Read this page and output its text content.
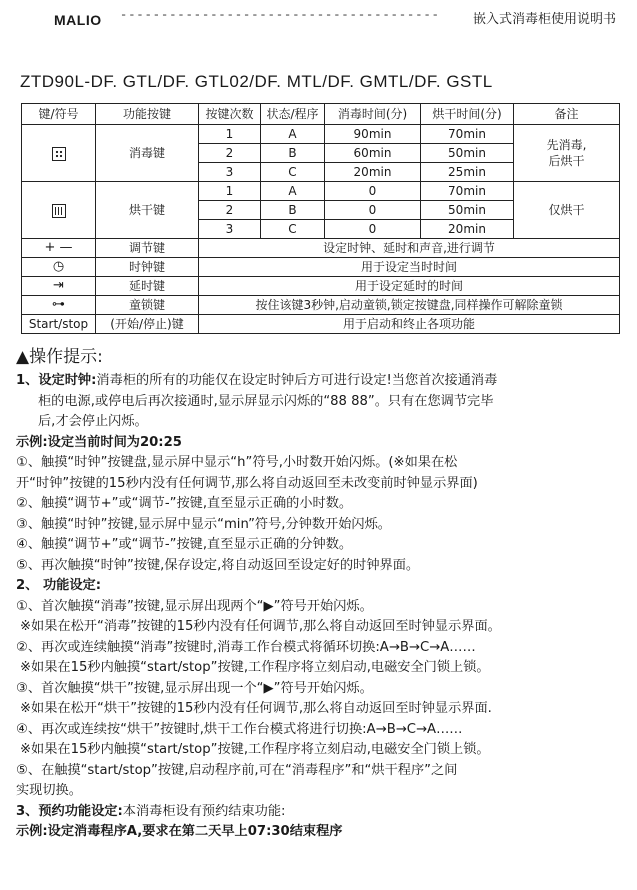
MALIO ---------------------------------------	嵌入式消毒柜使用说明书
ZTD90L-DF. GTL/DF. GTL02/DF. MTL/DF. GMTL/DF. GSTL
键/符号	功能按键	按键次数	状态/程序	消毒时间(分)	烘干时间(分)	备注
	消毒键	1	A	90min	70min	先消毒,
后烘干
		2	B	60min	50min	
		3	C	20min	25min	
	烘干键	1	A	0	70min	仅烘干
		2	B	0	50min	
		3	C	0	20min	
+ —	调节键	设定时钟、延时和声音,进行调节				
◷	时钟键	用于设定当时时间				
⇥	延时键	用于设定延时的时间				
⊶	童锁键	按住该键3秒钟,启动童锁,锁定按键盘,同样操作可解除童锁				
Start/stop	(开始/停止)键	用于启动和终止各项功能				

▲操作提示:

1、设定时钟:消毒柜的所有的功能仅在设定时钟后方可进行设定!当您首次接通消毒

柜的电源,或停电后再次接通时,显示屏显示闪烁的“88 88”。只有在您调节完毕

后,才会停止闪烁。

示例:设定当前时间为20:25

①、触摸“时钟”按键盘,显示屏中显示“h”符号,小时数开始闪烁。(※如果在松

开“时钟”按键的15秒内没有任何调节,那么将自动返回至未改变前时钟显示界面)

②、触摸“调节+”或“调节-”按键,直至显示正确的小时数。

③、触摸“时钟”按键,显示屏中显示“min”符号,分钟数开始闪烁。

④、触摸“调节+”或“调节-”按键,直至显示正确的分钟数。

⑤、再次触摸“时钟”按键,保存设定,将自动返回至设定好的时钟界面。

2、 功能设定:

①、首次触摸“消毒”按键,显示屏出现两个“▶”符号开始闪烁。

※如果在松开“消毒”按键的15秒内没有任何调节,那么将自动返回至时钟显示界面。

②、再次或连续触摸“消毒”按键时,消毒工作台模式将循环切换:A→B→C→A……

※如果在15秒内触摸“start/stop”按键,工作程序将立刻启动,电磁安全门锁上锁。

③、首次触摸“烘干”按键,显示屏出现一个“▶”符号开始闪烁。

※如果在松开“烘干”按键的15秒内没有任何调节,那么将自动返回至时钟显示界面.

④、再次或连续按“烘干”按键时,烘干工作台模式将进行切换:A→B→C→A……

※如果在15秒内触摸“start/stop”按键,工作程序将立刻启动,电磁安全门锁上锁。

⑤、在触摸“start/stop”按键,启动程序前,可在“消毒程序”和“烘干程序”之间

实现切换。

3、预约功能设定:本消毒柜设有预约结束功能:

示例:设定消毒程序A,要求在第二天早上07:30结束程序
